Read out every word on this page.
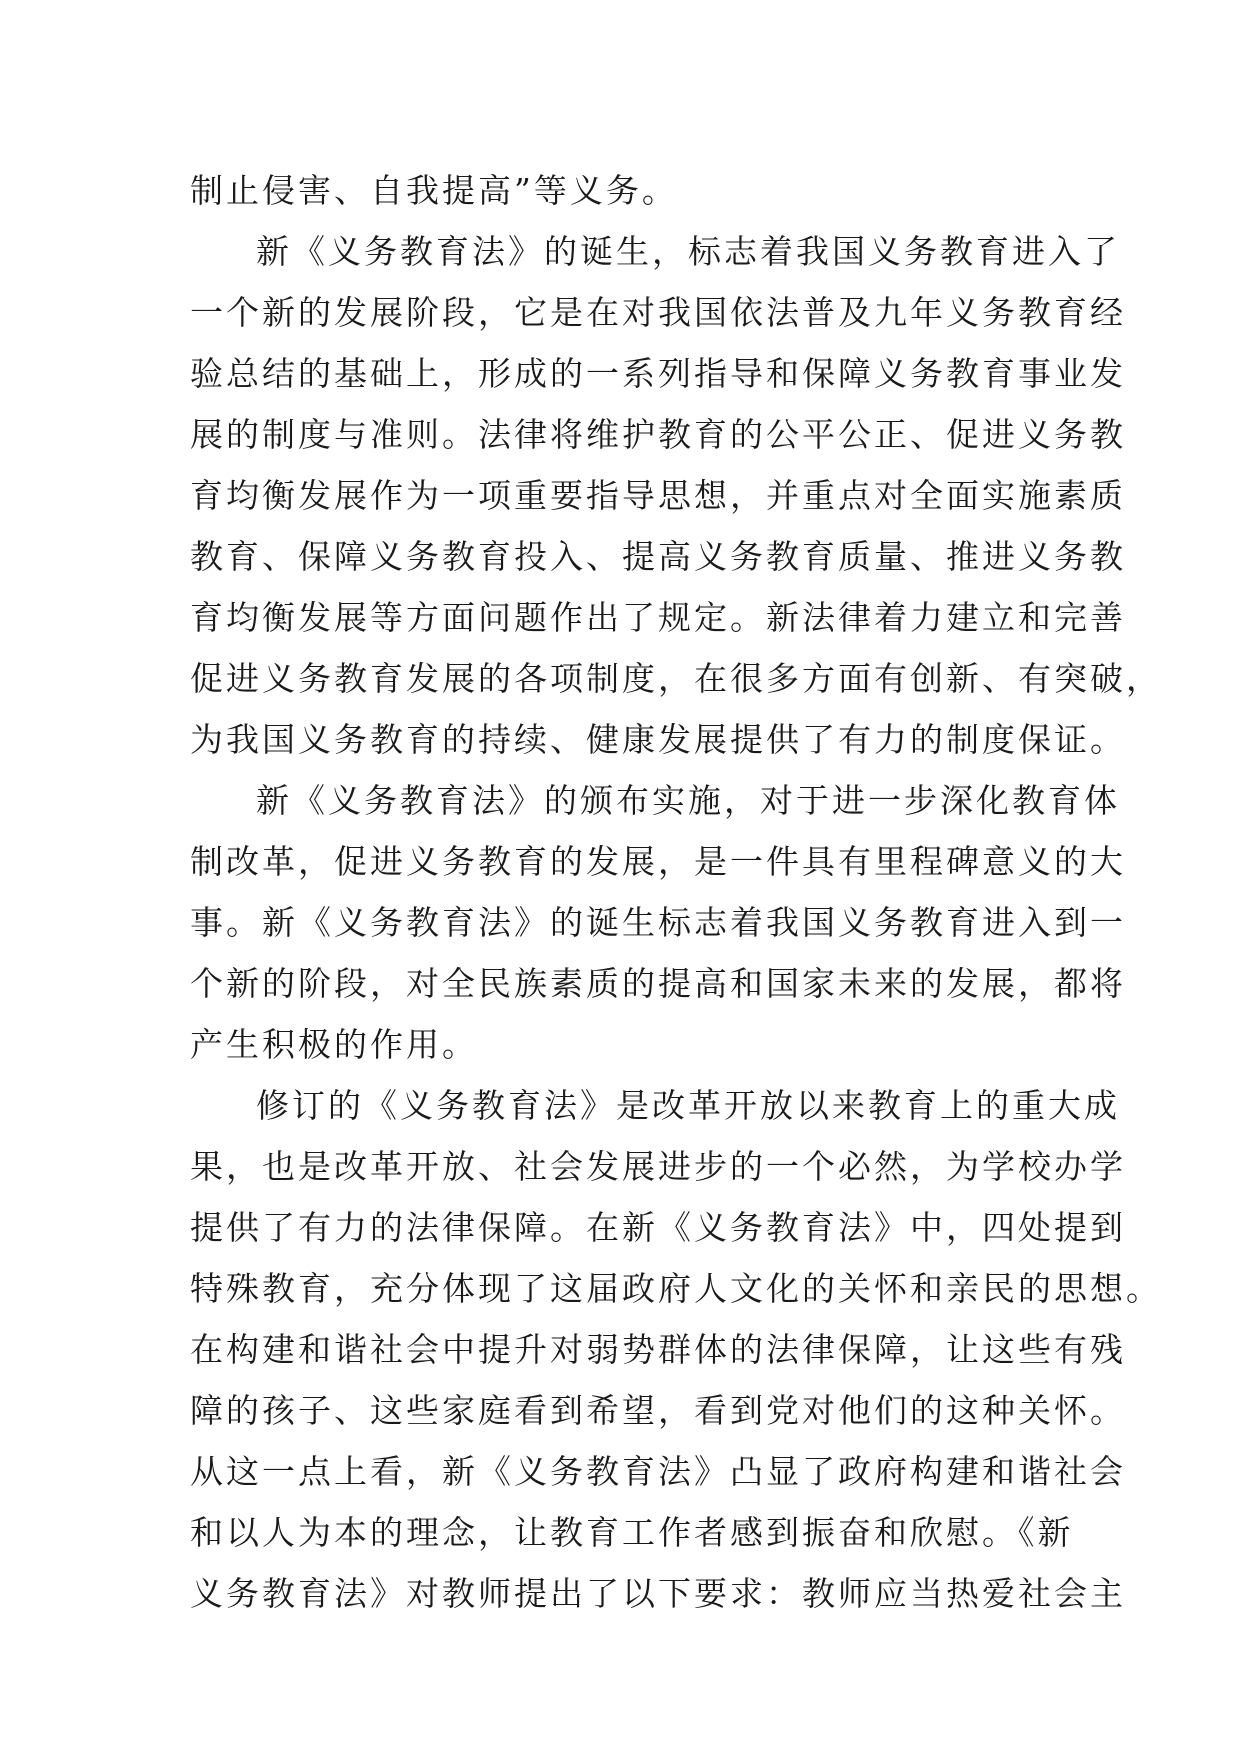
制止侵害、自我提高”等义务。
新《义务教育法》的诞生，标志着我国义务教育进入了
一个新的发展阶段，它是在对我国依法普及九年义务教育经
验总结的基础上，形成的一系列指导和保障义务教育事业发
展的制度与准则。法律将维护教育的公平公正、促进义务教
育均衡发展作为一项重要指导思想，并重点对全面实施素质
教育、保障义务教育投入、提高义务教育质量、推进义务教
育均衡发展等方面问题作出了规定。新法律着力建立和完善
促进义务教育发展的各项制度，在很多方面有创新、有突破，
为我国义务教育的持续、健康发展提供了有力的制度保证。
新《义务教育法》的颁布实施，对于进一步深化教育体
制改革，促进义务教育的发展，是一件具有里程碑意义的大
事。新《义务教育法》的诞生标志着我国义务教育进入到一
个新的阶段，对全民族素质的提高和国家未来的发展，都将
产生积极的作用。
修订的《义务教育法》是改革开放以来教育上的重大成
果，也是改革开放、社会发展进步的一个必然，为学校办学
提供了有力的法律保障。在新《义务教育法》中，四处提到
特殊教育，充分体现了这届政府人文化的关怀和亲民的思想。
在构建和谐社会中提升对弱势群体的法律保障，让这些有残
障的孩子、这些家庭看到希望，看到党对他们的这种关怀。
从这一点上看，新《义务教育法》凸显了政府构建和谐社会
和以人为本的理念，让教育工作者感到振奋和欣慰。《新
义务教育法》对教师提出了以下要求：教师应当热爱社会主
